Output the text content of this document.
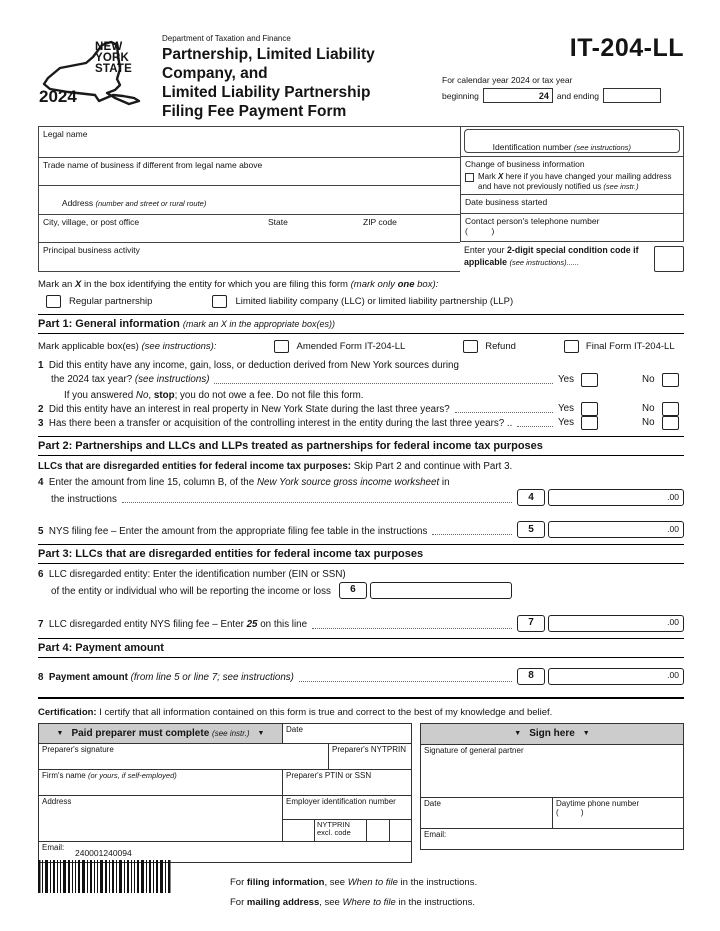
NEW
YORK
STATE
2024
Department of Taxation and Finance
Partnership, Limited Liability Company, and
Limited Liability Partnership
Filing Fee Payment Form
IT-204-LL
For calendar year 2024 or tax year
beginning	24 and ending
Legal name
Trade name of business if different from legal name above

Address (number and street or rural route)

City, village, or post office	State	ZIP code
Principal business activity

Identification number (see instructions)

Change of business information
Mark X here if you have changed your mailing address and have not previously notified us (see instr.)
Date business started
Contact person's telephone number
(          )
Enter your 2-digit special condition code if applicable (see instructions)......
Mark an X in the box identifying the entity for which you are filing this form (mark only one box):
Regular partnership	Limited liability company (LLC) or limited liability partnership (LLP)
Part 1: General information (mark an X in the appropriate box(es))
Mark applicable box(es) (see instructions):	Amended Form IT-204-LL	Refund	Final Form IT-204-LL
1 Did this entity have any income, gain, loss, or deduction derived from New York sources during
the 2024 tax year? (see instructions)	Yes	No
If you answered No, stop; you do not owe a fee. Do not file this form.
2 Did this entity have an interest in real property in New York State during the last three years?	Yes	No
3 Has there been a transfer or acquisition of the controlling interest in the entity during the last three years? ..	Yes	No
Part 2: Partnerships and LLCs and LLPs treated as partnerships for federal income tax purposes
LLCs that are disregarded entities for federal income tax purposes: Skip Part 2 and continue with Part 3.
4 Enter the amount from line 15, column B, of the New York source gross income worksheet in
the instructions	4	.00
5 NYS filing fee – Enter the amount from the appropriate filing fee table in the instructions	5	.00
Part 3: LLCs that are disregarded entities for federal income tax purposes
6 LLC disregarded entity: Enter the identification number (EIN or SSN)
of the entity or individual who will be reporting the income or loss	6
7 LLC disregarded entity NYS filing fee – Enter 25 on this line	7	.00
Part 4: Payment amount
8 Payment amount (from line 5 or line 7; see instructions)	8	.00
Certification: I certify that all information contained on this form is true and correct to the best of my knowledge and belief.
▼ Paid preparer must complete (see instr.) ▼	Date
Preparer's signature	Preparer's NYTPRIN
Firm's name (or yours, if self-employed)	Preparer's PTIN or SSN
Address	Employer identification number
NYTPRIN
excl. code
Email:
▼ Sign here ▼
Signature of general partner
Date	Daytime phone number
(          )
Email:
For filing information, see When to file in the instructions.
For mailing address, see Where to file in the instructions.
240001240094
